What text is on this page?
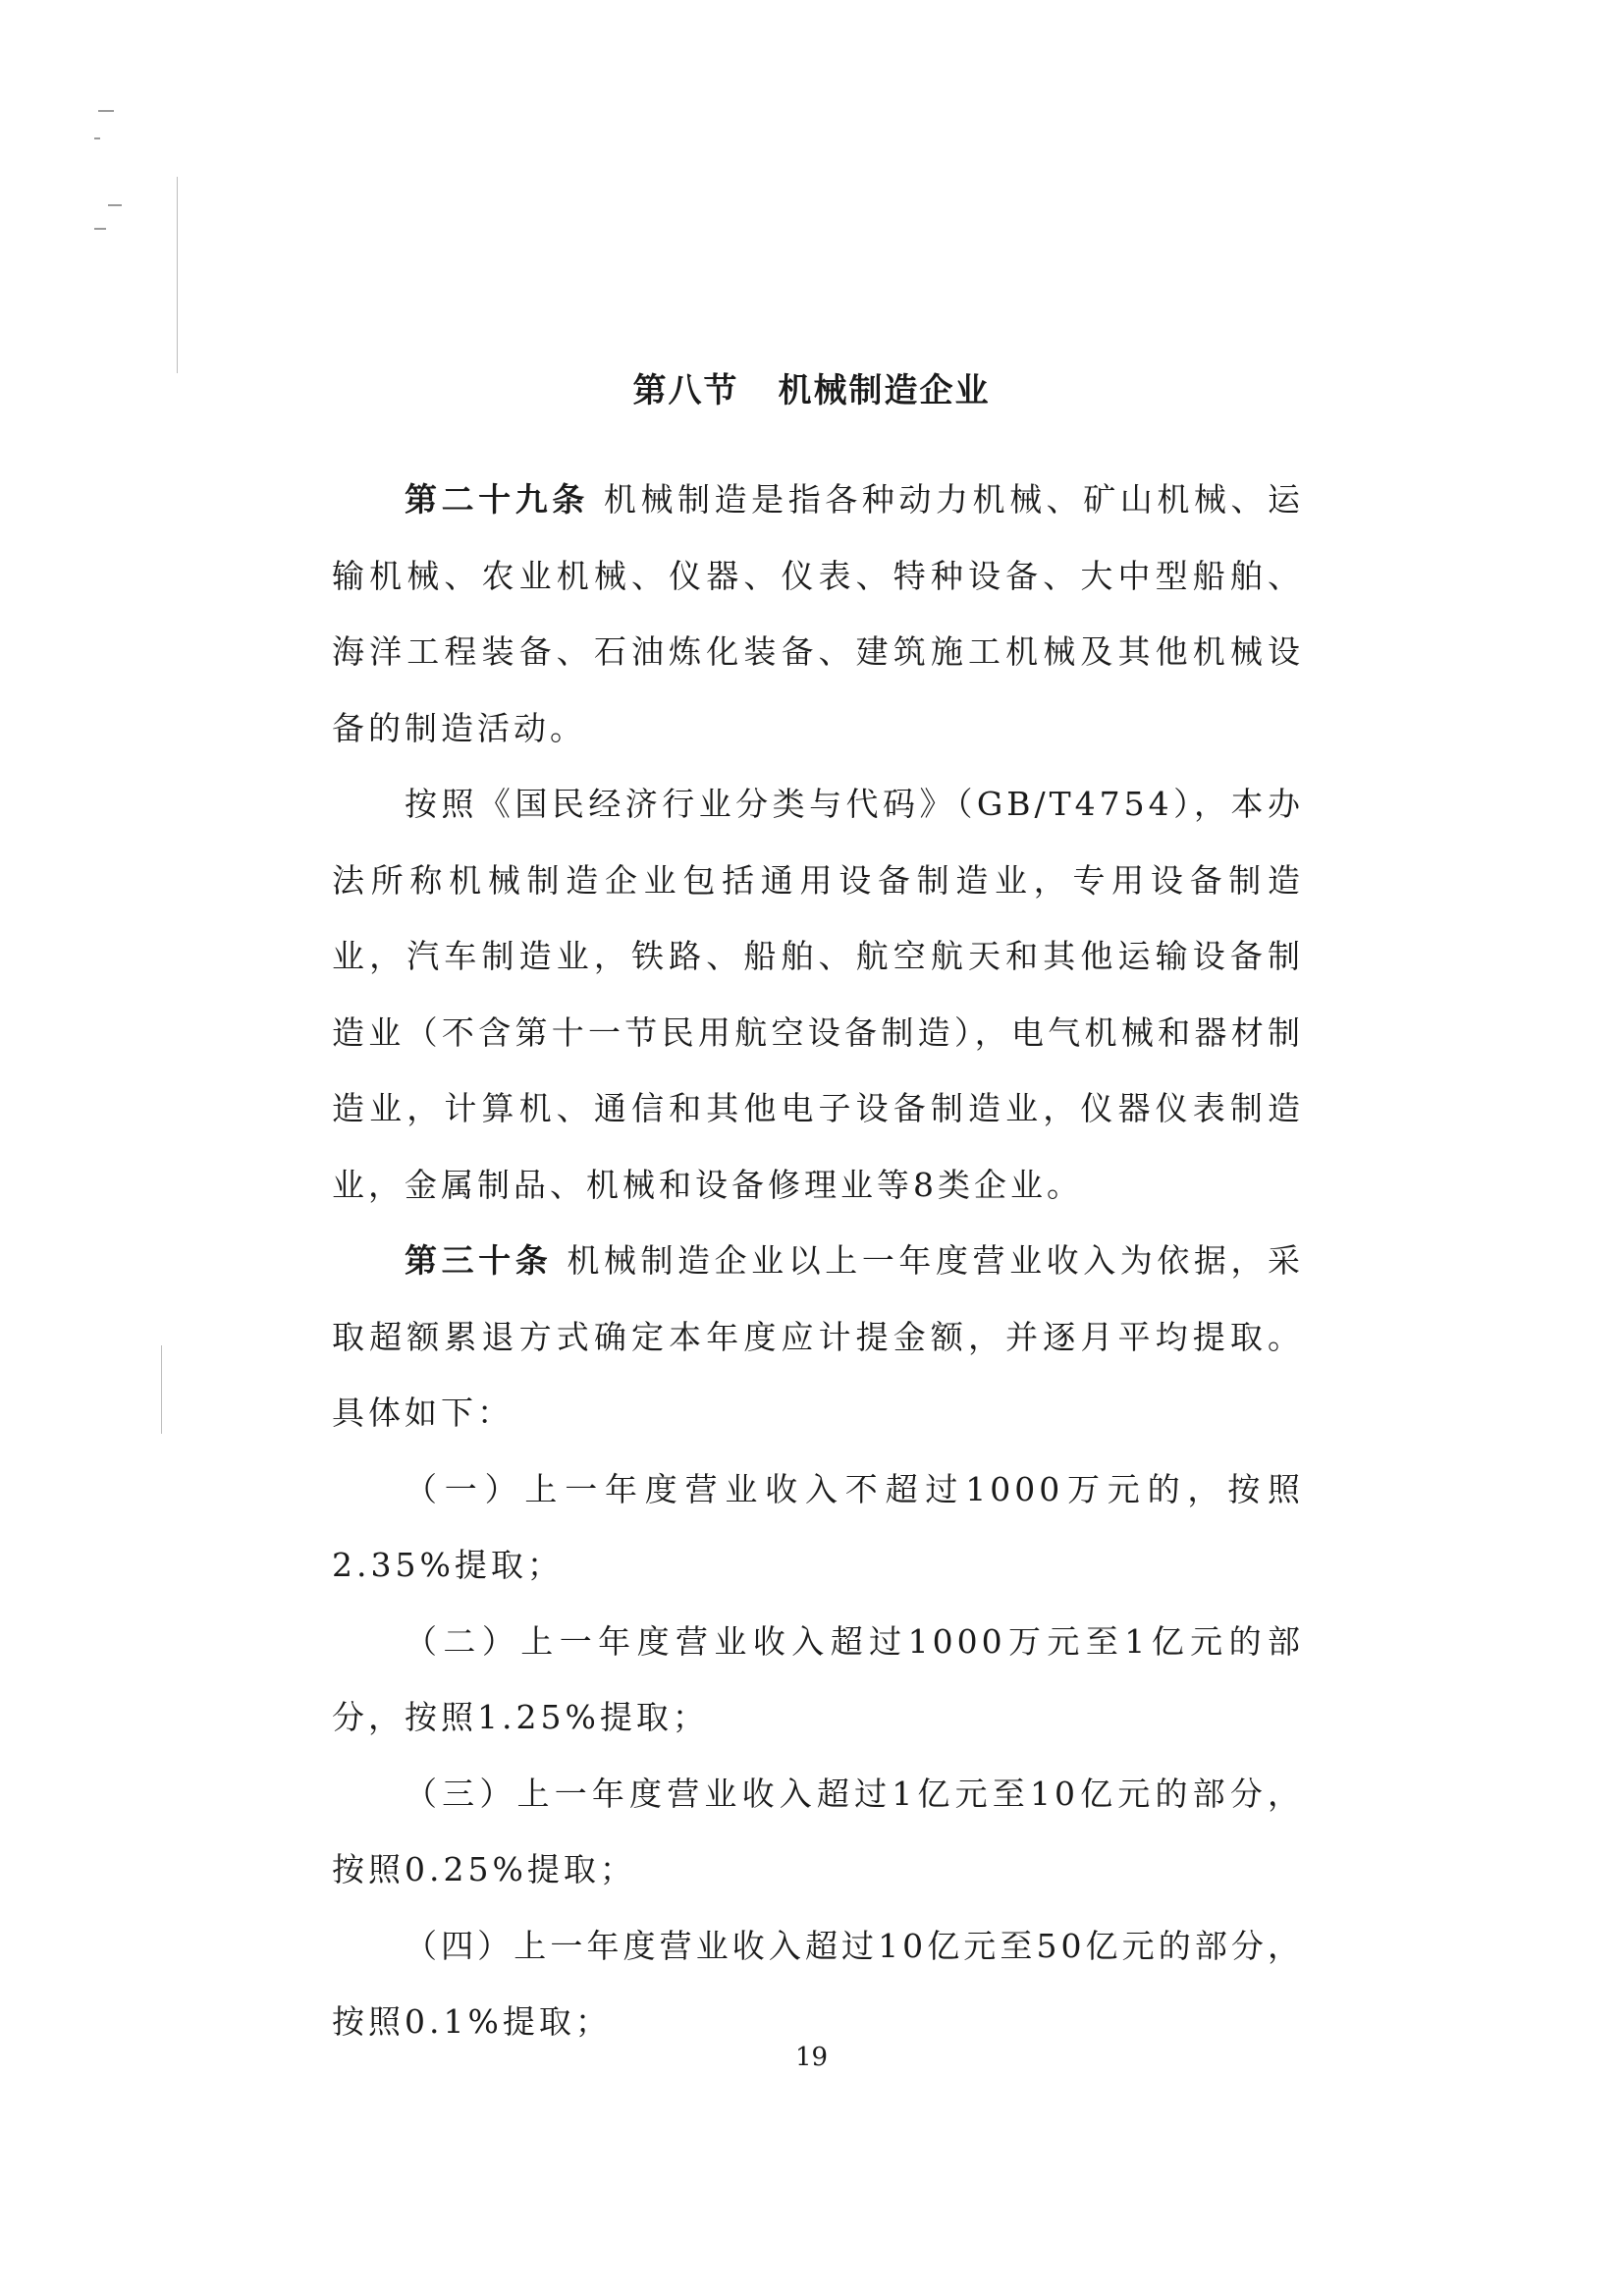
第八节 机械制造企业

第二十九条 机械制造是指各种动力机械、矿山机械、运输机械、农业机械、仪器、仪表、特种设备、大中型船舶、海洋工程装备、石油炼化装备、建筑施工机械及其他机械设备的制造活动。

按照《国民经济行业分类与代码》（GB/T4754），本办法所称机械制造企业包括通用设备制造业，专用设备制造业，汽车制造业，铁路、船舶、航空航天和其他运输设备制造业（不含第十一节民用航空设备制造），电气机械和器材制造业，计算机、通信和其他电子设备制造业，仪器仪表制造业，金属制品、机械和设备修理业等8类企业。

第三十条 机械制造企业以上一年度营业收入为依据，采取超额累退方式确定本年度应计提金额，并逐月平均提取。具体如下：

（一）上一年度营业收入不超过1000万元的，按照2.35%提取；

（二）上一年度营业收入超过1000万元至1亿元的部分，按照1.25%提取；

（三）上一年度营业收入超过1亿元至10亿元的部分，按照0.25%提取；

（四）上一年度营业收入超过10亿元至50亿元的部分，按照0.1%提取；

19
